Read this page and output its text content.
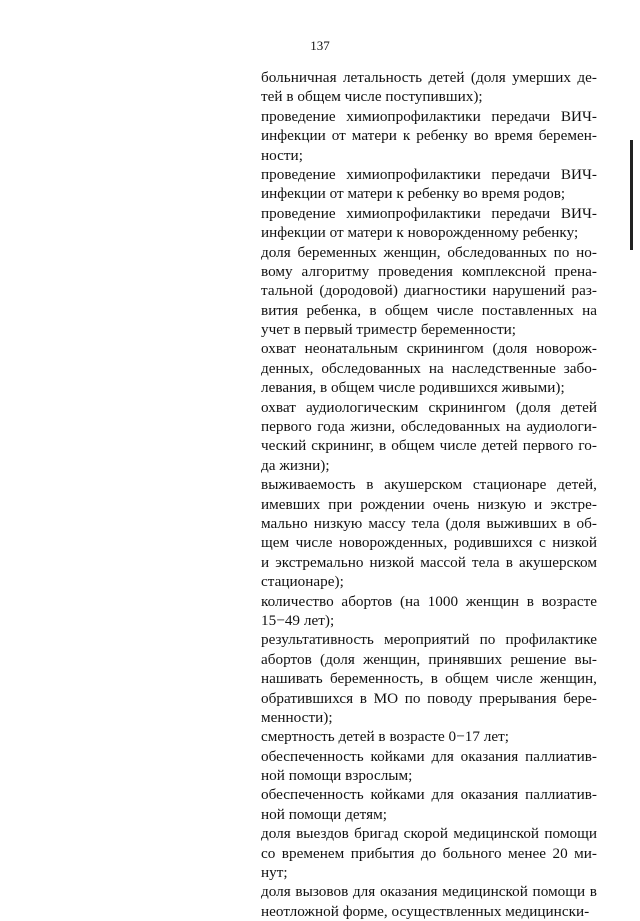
137
больничная летальность детей (доля умерших де-
тей в общем числе поступивших);
проведение химиопрофилактики передачи ВИЧ-
инфекции от матери к ребенку во время беремен-
ности;
проведение химиопрофилактики передачи ВИЧ-
инфекции от матери к ребенку во время родов;
проведение химиопрофилактики передачи ВИЧ-
инфекции от матери к новорожденному ребенку;
доля беременных женщин, обследованных по но-
вому алгоритму проведения комплексной прена-
тальной (дородовой) диагностики нарушений раз-
вития ребенка, в общем числе поставленных на
учет в первый триместр беременности;
охват неонатальным скринингом (доля новорож-
денных, обследованных на наследственные забо-
левания, в общем числе родившихся живыми);
охват аудиологическим скринингом (доля детей
первого года жизни, обследованных на аудиологи-
ческий скрининг, в общем числе детей первого го-
да жизни);
выживаемость в акушерском стационаре детей,
имевших при рождении очень низкую и экстре-
мально низкую массу тела (доля выживших в об-
щем числе новорожденных, родившихся с низкой
и экстремально низкой массой тела в акушерском
стационаре);
количество абортов (на 1000 женщин в возрасте
15−49 лет);
результативность мероприятий по профилактике
абортов (доля женщин, принявших решение вы-
нашивать беременность, в общем числе женщин,
обратившихся в МО по поводу прерывания бере-
менности);
смертность детей в возрасте 0−17 лет;
обеспеченность койками для оказания паллиатив-
ной помощи взрослым;
обеспеченность койками для оказания паллиатив-
ной помощи детям;
доля выездов бригад скорой медицинской помощи
со временем прибытия до больного менее 20 ми-
нут;
доля вызовов для оказания медицинской помощи в
неотложной форме, осуществленных медицински-
